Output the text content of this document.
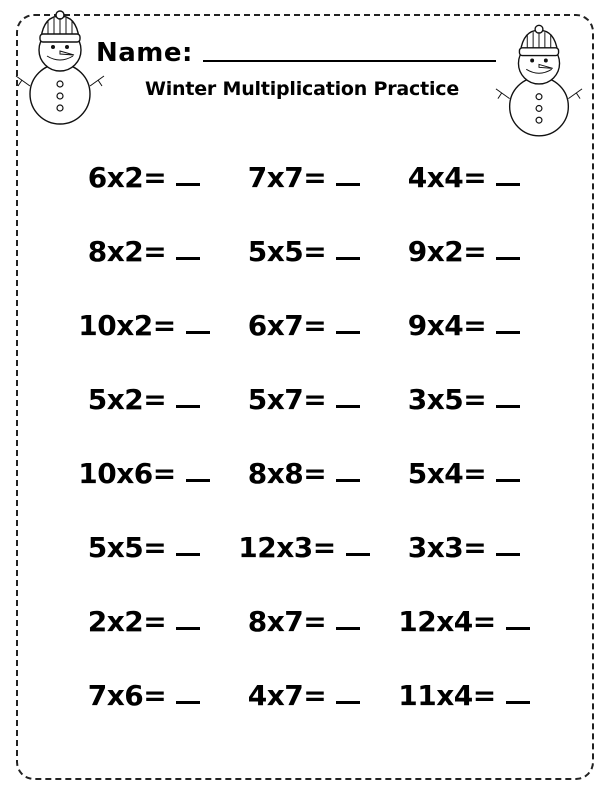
Name:
Winter Multiplication Practice
6x2=	7x7=	4x4=
8x2=	5x5=	9x2=
10x2=	6x7=	9x4=
5x2=	5x7=	3x5=
10x6=	8x8=	5x4=
5x5=	12x3=	3x3=
2x2=	8x7=	12x4=
7x6=	4x7=	11x4=
